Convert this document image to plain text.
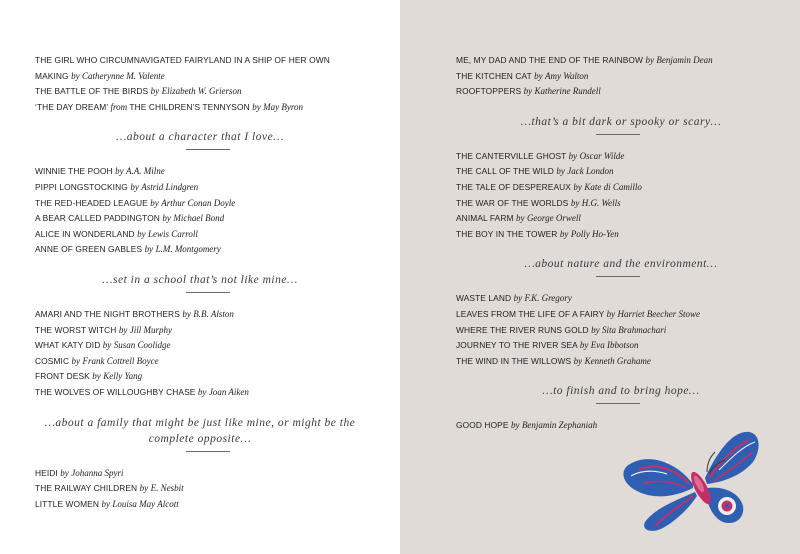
THE GIRL WHO CIRCUMNAVIGATED FAIRYLAND IN A SHIP OF HER OWN MAKING by Catherynne M. Valente
THE BATTLE OF THE BIRDS by Elizabeth W. Grierson
‘THE DAY DREAM’ from THE CHILDREN’S TENNYSON by May Byron
…about a character that I love…
WINNIE THE POOH by A.A. Milne
PIPPI LONGSTOCKING by Astrid Lindgren
THE RED-HEADED LEAGUE by Arthur Conan Doyle
A BEAR CALLED PADDINGTON by Michael Bond
ALICE IN WONDERLAND by Lewis Carroll
ANNE OF GREEN GABLES by L.M. Montgomery
…set in a school that’s not like mine…
AMARI AND THE NIGHT BROTHERS by B.B. Alston
THE WORST WITCH by Jill Murphy
WHAT KATY DID by Susan Coolidge
COSMIC by Frank Cottrell Boyce
FRONT DESK by Kelly Yang
THE WOLVES OF WILLOUGHBY CHASE by Joan Aiken
…about a family that might be just like mine, or might be the complete opposite…
HEIDI by Johanna Spyri
THE RAILWAY CHILDREN by E. Nesbit
LITTLE WOMEN by Louisa May Alcott
ME, MY DAD AND THE END OF THE RAINBOW by Benjamin Dean
THE KITCHEN CAT by Amy Walton
ROOFTOPPERS by Katherine Rundell
…that’s a bit dark or spooky or scary…
THE CANTERVILLE GHOST by Oscar Wilde
THE CALL OF THE WILD by Jack London
THE TALE OF DESPEREAUX by Kate di Camillo
THE WAR OF THE WORLDS by H.G. Wells
ANIMAL FARM by George Orwell
THE BOY IN THE TOWER by Polly Ho-Yen
…about nature and the environment…
WASTE LAND by F.K. Gregory
LEAVES FROM THE LIFE OF A FAIRY by Harriet Beecher Stowe
WHERE THE RIVER RUNS GOLD by Sita Brahmachari
JOURNEY TO THE RIVER SEA by Eva Ibbotson
THE WIND IN THE WILLOWS by Kenneth Grahame
…to finish and to bring hope…
GOOD HOPE by Benjamin Zephaniah
